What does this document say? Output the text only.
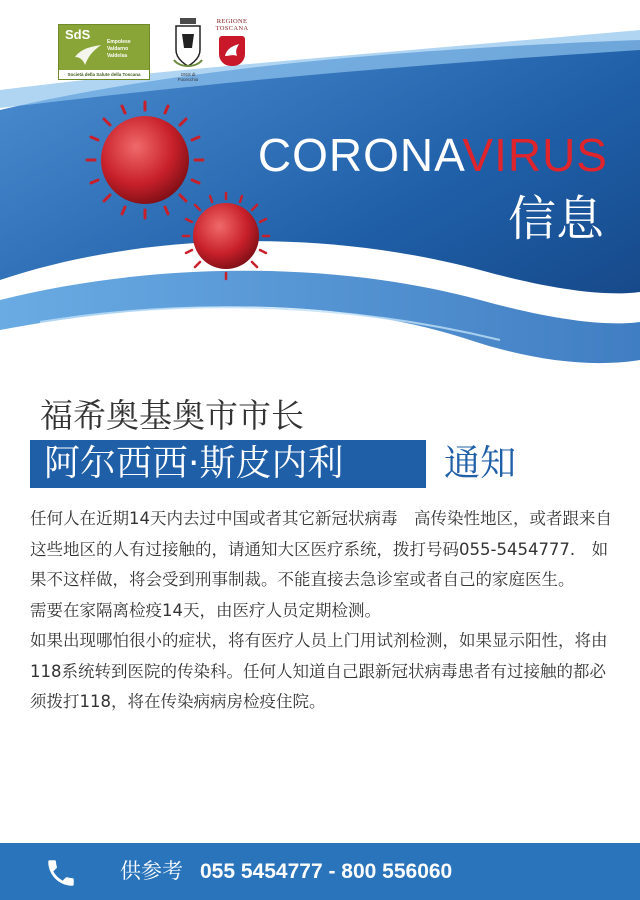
SdS	Empolese
Valdarno
Valdelsa
Società della Salute della Toscana	1918 di Fucecchio
REGIONE
TOSCANA
CORONAVIRUS
信息
福希奥基奥市市长
阿尔西西·斯皮内利	通知

任何人在近期14天内去过中国或者其它新冠状病毒　高传染性地区，或者跟来自这些地区的人有过接触的，请通知大区医疗系统，拨打号码055-5454777.　如果不这样做，将会受到刑事制裁。不能直接去急诊室或者自己的家庭医生。

需要在家隔离检疫14天，由医疗人员定期检测。

如果出现哪怕很小的症状，将有医疗人员上门用试剂检测，如果显示阳性，将由118系统转到医院的传染科。任何人知道自己跟新冠状病毒患者有过接触的都必须拨打118，将在传染病病房检疫住院。

供参考 055 5454777 - 800 556060
